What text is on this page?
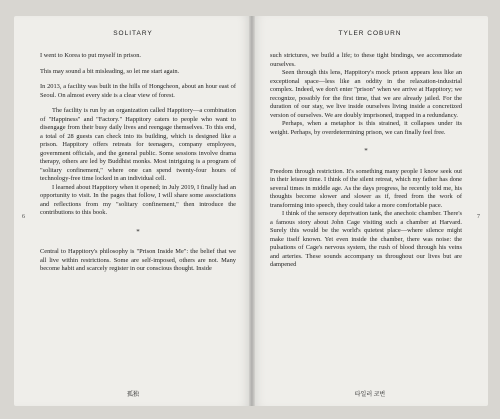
SOLITARY
6

I went to Korea to put myself in prison.

This may sound a bit misleading, so let me start again.

In 2013, a facility was built in the hills of Hongcheon, about an hour east of Seoul. On almost every side is a clear view of forest.

The facility is run by an organization called Happitory—a combination of "Happiness" and "Factory." Happitory caters to people who want to disengage from their busy daily lives and reengage themselves. To this end, a total of 28 guests can check into its building, which is designed like a prison. Happitory offers retreats for teenagers, company employees, government officials, and the general public. Some sessions involve drama therapy, others are led by Buddhist monks. Most intriguing is a program of "solitary confinement," where one can spend twenty-four hours of technology-free time locked in an individual cell.

I learned about Happitory when it opened; in July 2019, I finally had an opportunity to visit. In the pages that follow, I will share some associations and reflections from my "solitary confinement," then introduce the contributions to this book.

*

Central to Happitory's philosophy is "Prison Inside Me": the belief that we all live within restrictions. Some are self-imposed, others are not. Many become habit and scarcely register in our conscious thought. Inside

孤独
TYLER COBURN
7

such strictures, we build a life; to these tight bindings, we accommodate ourselves.

Seen through this lens, Happitory's mock prison appears less like an exceptional space—less like an oddity in the relaxation-industrial complex. Indeed, we don't enter "prison" when we arrive at Happitory; we recognize, possibly for the first time, that we are already jailed. For the duration of our stay, we live inside ourselves living inside a concretized version of ourselves. We are doubly imprisoned, trapped in a redundancy.

Perhaps, when a metaphor is this strained, it collapses under its weight. Perhaps, by overdetermining prison, we can finally feel free.

*

Freedom through restriction. It's something many people I know seek out in their leisure time. I think of the silent retreat, which my father has done several times in middle age. As the days progress, he recently told me, his thoughts become slower and slower as if, freed from the work of transforming into speech, they could take a more comfortable pace.

I think of the sensory deprivation tank, the anechoic chamber. There's a famous story about John Cage visiting such a chamber at Harvard. Surely this would be the world's quietest place—where silence might make itself known. Yet even inside the chamber, there was noise: the pulsations of Cage's nervous system, the rush of blood through his veins and arteries. These sounds accompany us throughout our lives but are dampened

타일러 코번
